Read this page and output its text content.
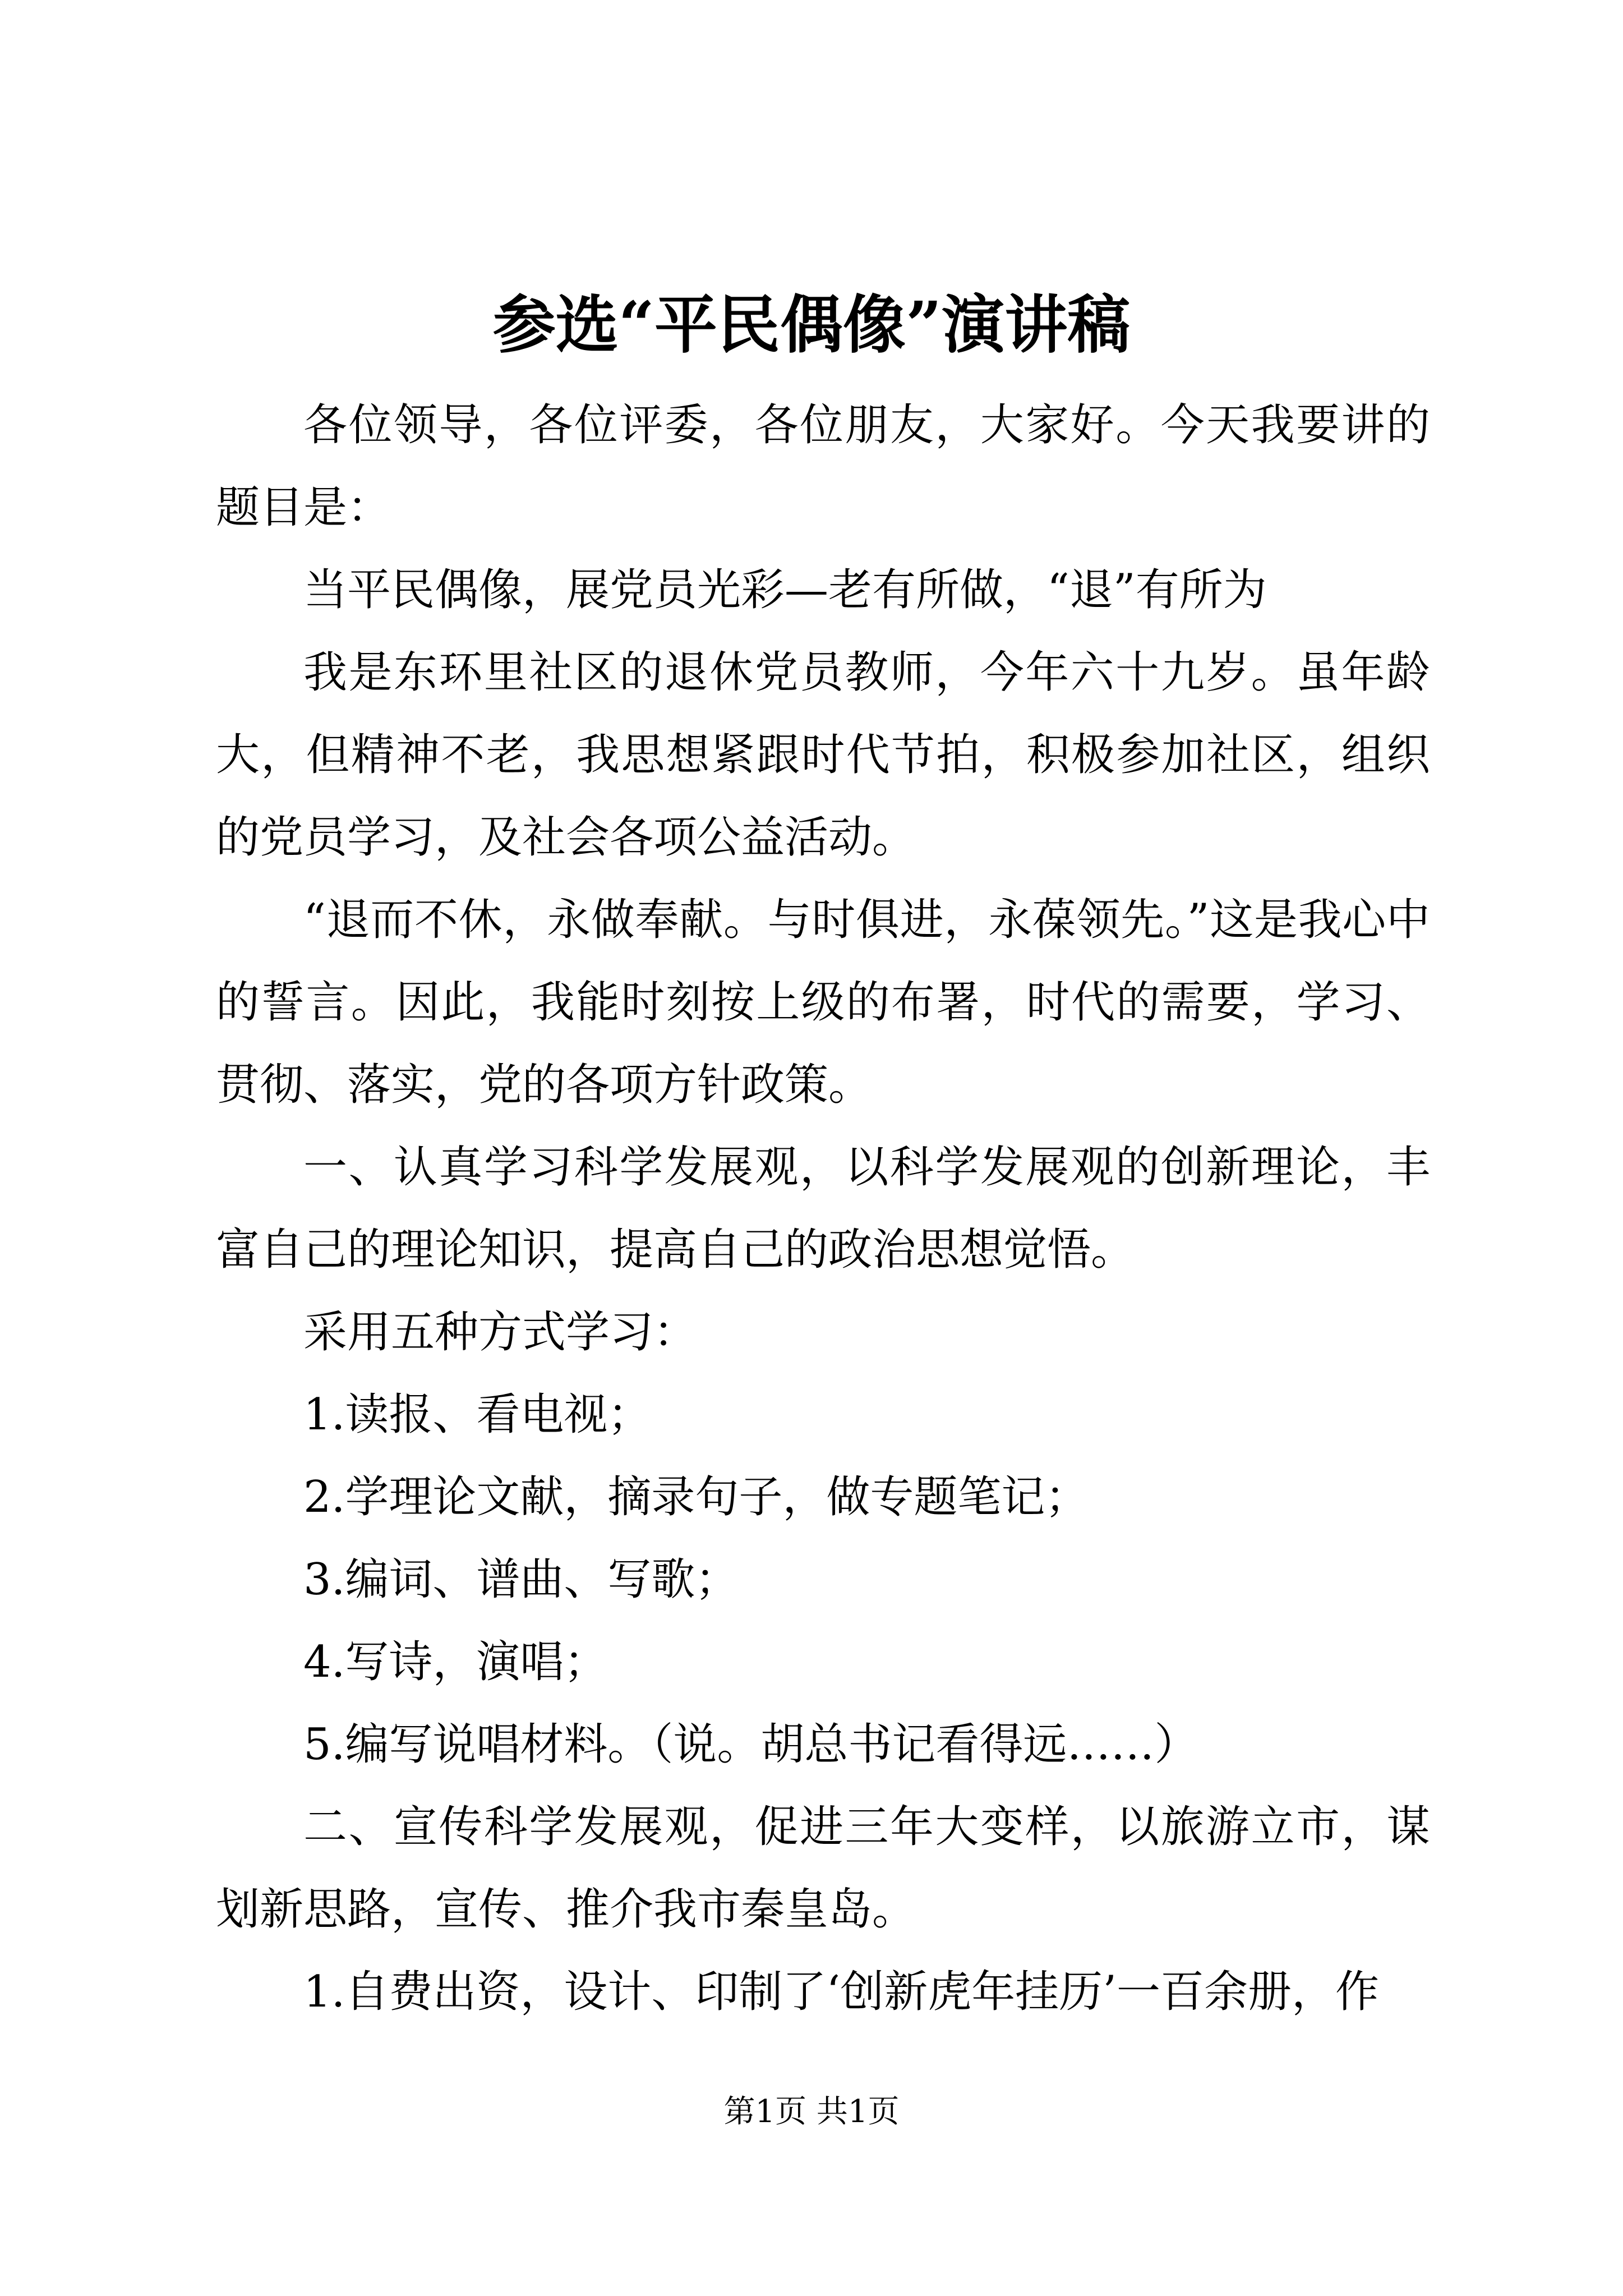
参选“平民偶像”演讲稿

各位领导，各位评委，各位朋友，大家好。今天我要讲的题目是：

当平民偶像，展党员光彩—老有所做，“退”有所为

我是东环里社区的退休党员教师，今年六十九岁。虽年龄大，但精神不老，我思想紧跟时代节拍，积极参加社区，组织的党员学习，及社会各项公益活动。

“退而不休，永做奉献。与时俱进，永葆领先。”这是我心中的誓言。因此，我能时刻按上级的布署，时代的需要，学习、贯彻、落实，党的各项方针政策。

一、认真学习科学发展观，以科学发展观的创新理论，丰富自己的理论知识，提高自己的政治思想觉悟。

采用五种方式学习：

1.读报、看电视；

2.学理论文献，摘录句子，做专题笔记；

3.编词、谱曲、写歌；

4.写诗，演唱；

5.编写说唱材料。（说。胡总书记看得远……）

二、宣传科学发展观，促进三年大变样，以旅游立市，谋划新思路，宣传、推介我市秦皇岛。

1.自费出资，设计、印制了‘创新虎年挂历’一百余册，作

第1页 共1页
